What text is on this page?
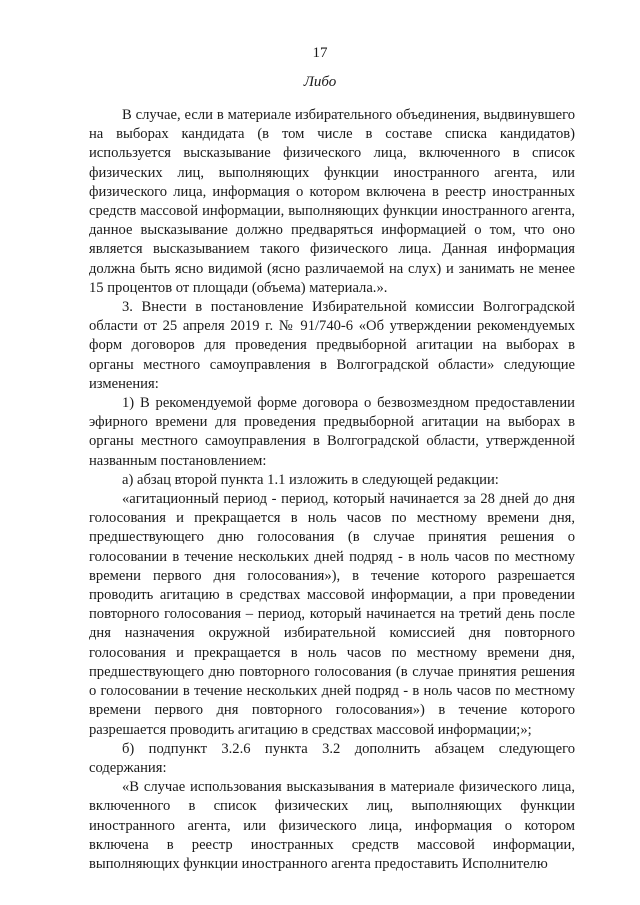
17
Либо

В случае, если в материале избирательного объединения, выдвинувшего на выборах кандидата (в том числе в составе списка кандидатов) используется высказывание физического лица, включенного в список физических лиц, выполняющих функции иностранного агента, или физического лица, информация о котором включена в реестр иностранных средств массовой информации, выполняющих функции иностранного агента, данное высказывание должно предваряться информацией о том, что оно является высказыванием такого физического лица. Данная информация должна быть ясно видимой (ясно различаемой на слух) и занимать не менее 15 процентов от площади (объема) материала.».

3. Внести в постановление Избирательной комиссии Волгоградской области от 25 апреля 2019 г. № 91/740-6 «Об утверждении рекомендуемых форм договоров для проведения предвыборной агитации на выборах в органы местного самоуправления в Волгоградской области» следующие изменения:

1) В рекомендуемой форме договора о безвозмездном предоставлении эфирного времени для проведения предвыборной агитации на выборах в органы местного самоуправления в Волгоградской области, утвержденной названным постановлением:

а) абзац второй пункта 1.1 изложить в следующей редакции:

«агитационный период - период, который начинается за 28 дней до дня голосования и прекращается в ноль часов по местному времени дня, предшествующего дню голосования (в случае принятия решения о голосовании в течение нескольких дней подряд - в ноль часов по местному времени первого дня голосования»), в течение которого разрешается проводить агитацию в средствах массовой информации, а при проведении повторного голосования – период, который начинается на третий день после дня назначения окружной избирательной комиссией дня повторного голосования и прекращается в ноль часов по местному времени дня, предшествующего дню повторного голосования (в случае принятия решения о голосовании в течение нескольких дней подряд - в ноль часов по местному времени первого дня повторного голосования») в течение которого разрешается проводить агитацию в средствах массовой информации;»;

б) подпункт 3.2.6 пункта 3.2 дополнить абзацем следующего содержания:

«В случае использования высказывания в материале физического лица, включенного в список физических лиц, выполняющих функции иностранного агента, или физического лица, информация о котором включена в реестр иностранных средств массовой информации, выполняющих функции иностранного агента предоставить Исполнителю
